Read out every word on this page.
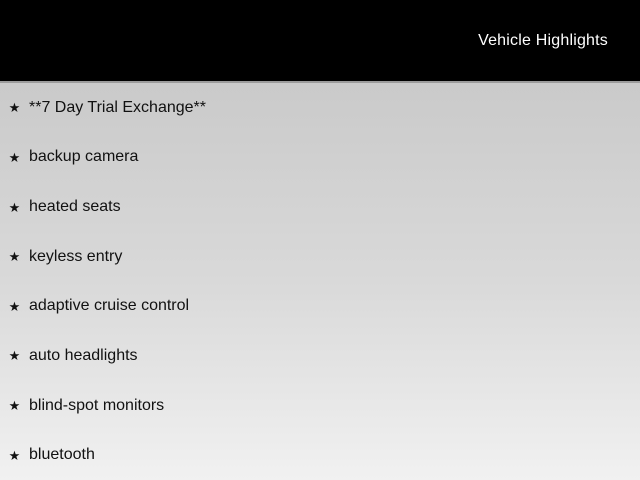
Vehicle Highlights
★ **7 Day Trial Exchange**
★ backup camera
★ heated seats
★ keyless entry
★ adaptive cruise control
★ auto headlights
★ blind-spot monitors
★ bluetooth
